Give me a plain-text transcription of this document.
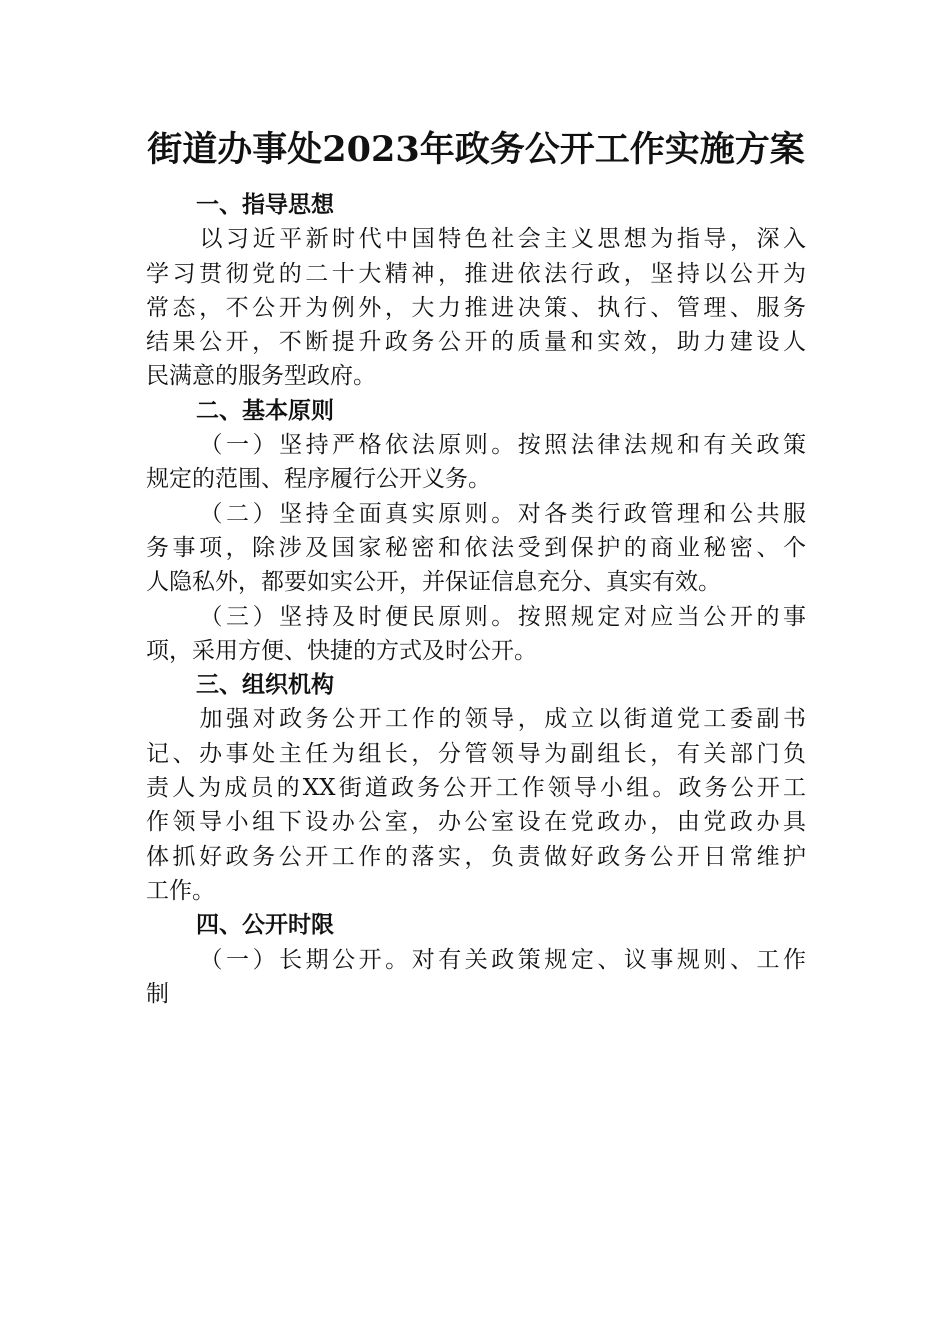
街道办事处2023年政务公开工作实施方案

一、指导思想

以习近平新时代中国特色社会主义思想为指导，深入

学习贯彻党的二十大精神，推进依法行政，坚持以公开为

常态，不公开为例外，大力推进决策、执行、管理、服务

结果公开，不断提升政务公开的质量和实效，助力建设人

民满意的服务型政府。

二、基本原则

（一）坚持严格依法原则。按照法律法规和有关政策

规定的范围、程序履行公开义务。

（二）坚持全面真实原则。对各类行政管理和公共服

务事项，除涉及国家秘密和依法受到保护的商业秘密、个

人隐私外，都要如实公开，并保证信息充分、真实有效。

（三）坚持及时便民原则。按照规定对应当公开的事

项，采用方便、快捷的方式及时公开。

三、组织机构

加强对政务公开工作的领导，成立以街道党工委副书

记、办事处主任为组长，分管领导为副组长，有关部门负

责人为成员的XX街道政务公开工作领导小组。政务公开工

作领导小组下设办公室，办公室设在党政办，由党政办具

体抓好政务公开工作的落实，负责做好政务公开日常维护

工作。

四、公开时限

（一）长期公开。对有关政策规定、议事规则、工作

制
